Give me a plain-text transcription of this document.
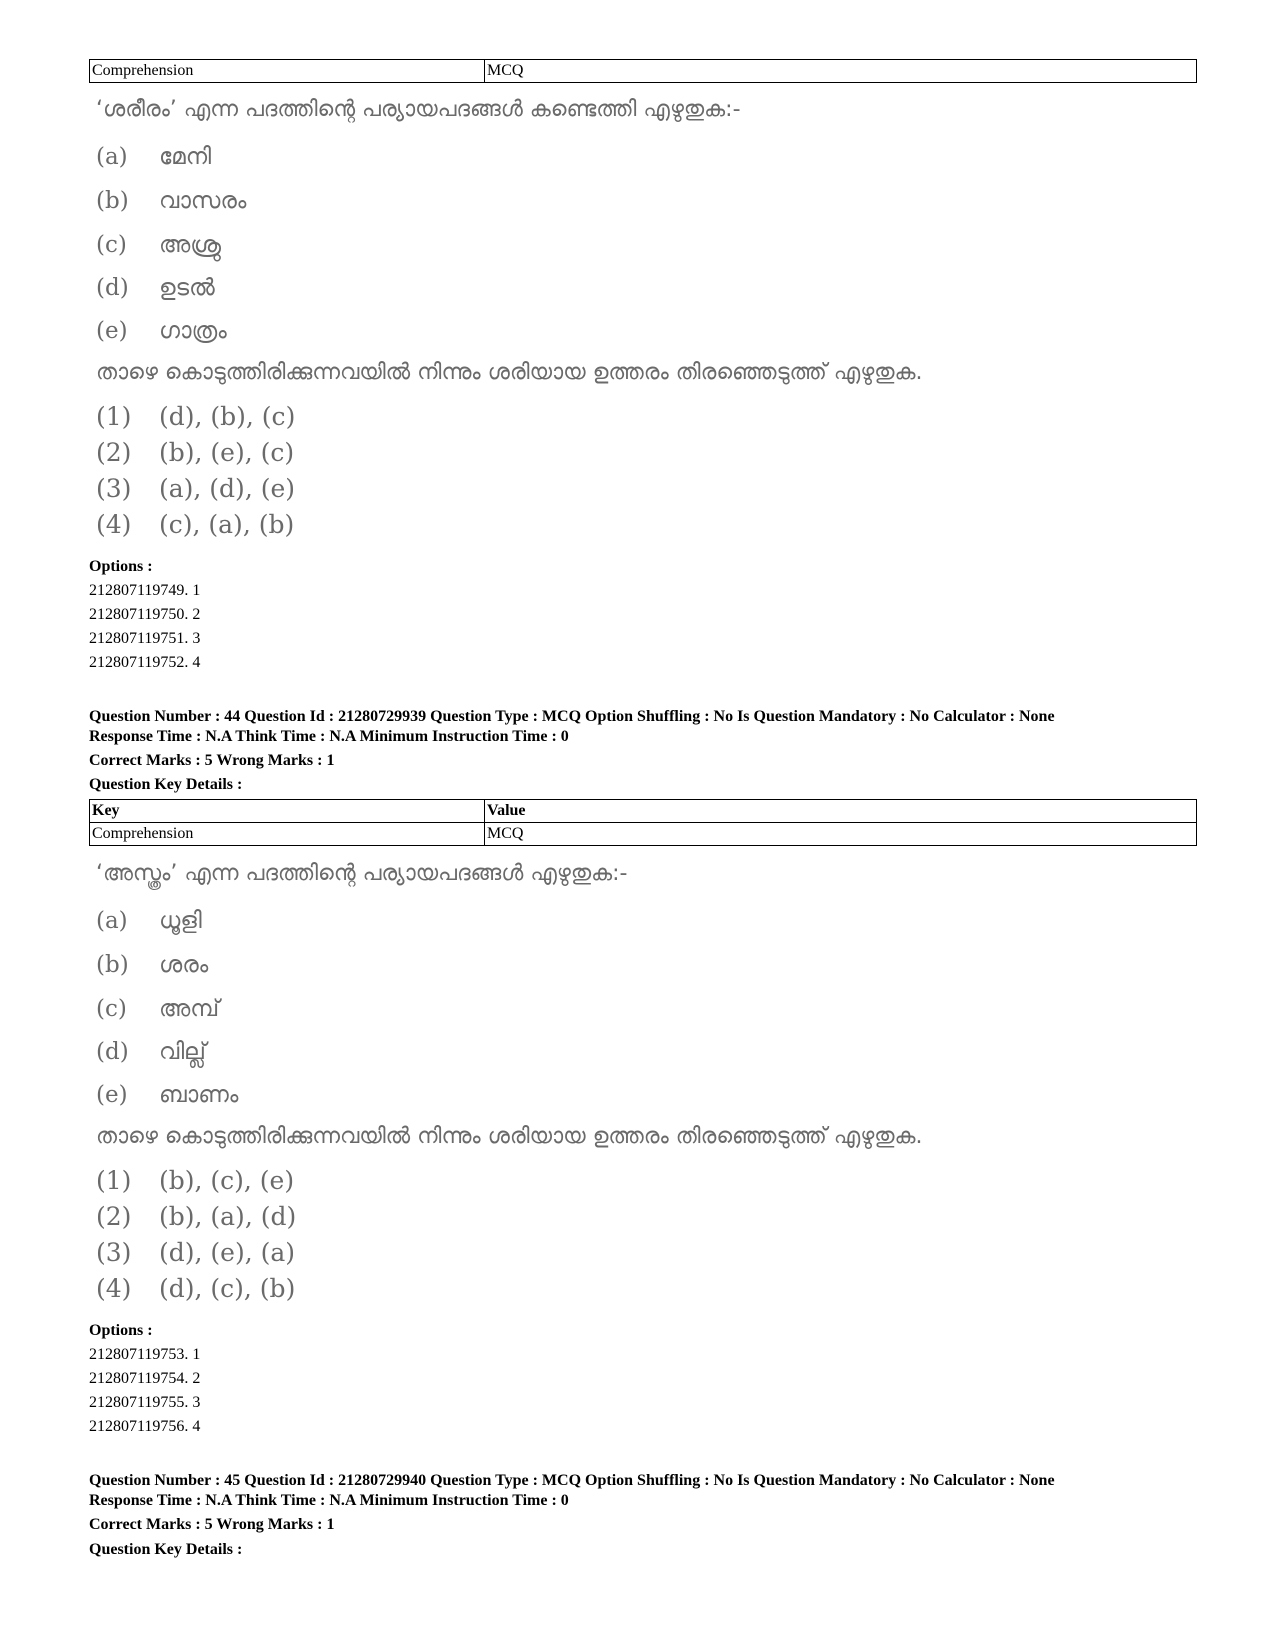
Comprehension	MCQ
‘ശരീരം’ എന്ന പദത്തിന്റെ പര്യായപദങ്ങൾ കണ്ടെത്തി എഴുതുക:-
(a) മേനി
(b) വാസരം
(c) അശ്രു
(d) ഉടൽ
(e) ഗാത്രം
താഴെ കൊടുത്തിരിക്കുന്നവയിൽ നിന്നും ശരിയായ ഉത്തരം തിരഞ്ഞെടുത്ത് എഴുതുക.
(1) (d), (b), (c)
(2) (b), (e), (c)
(3) (a), (d), (e)
(4) (c), (a), (b)
Options :
212807119749. 1
212807119750. 2
212807119751. 3
212807119752. 4
Question Number : 44 Question Id : 21280729939 Question Type : MCQ Option Shuffling : No Is Question Mandatory : No Calculator : None
Response Time : N.A Think Time : N.A Minimum Instruction Time : 0
Correct Marks : 5 Wrong Marks : 1
Question Key Details :
Key	Value
Comprehension	MCQ
‘അസ്ത്രം’ എന്ന പദത്തിന്റെ പര്യായപദങ്ങൾ എഴുതുക:-
(a) ധൂളി
(b) ശരം
(c) അമ്പ്
(d) വില്ല്
(e) ബാണം
താഴെ കൊടുത്തിരിക്കുന്നവയിൽ നിന്നും ശരിയായ ഉത്തരം തിരഞ്ഞെടുത്ത് എഴുതുക.
(1) (b), (c), (e)
(2) (b), (a), (d)
(3) (d), (e), (a)
(4) (d), (c), (b)
Options :
212807119753. 1
212807119754. 2
212807119755. 3
212807119756. 4
Question Number : 45 Question Id : 21280729940 Question Type : MCQ Option Shuffling : No Is Question Mandatory : No Calculator : None
Response Time : N.A Think Time : N.A Minimum Instruction Time : 0
Correct Marks : 5 Wrong Marks : 1
Question Key Details :
